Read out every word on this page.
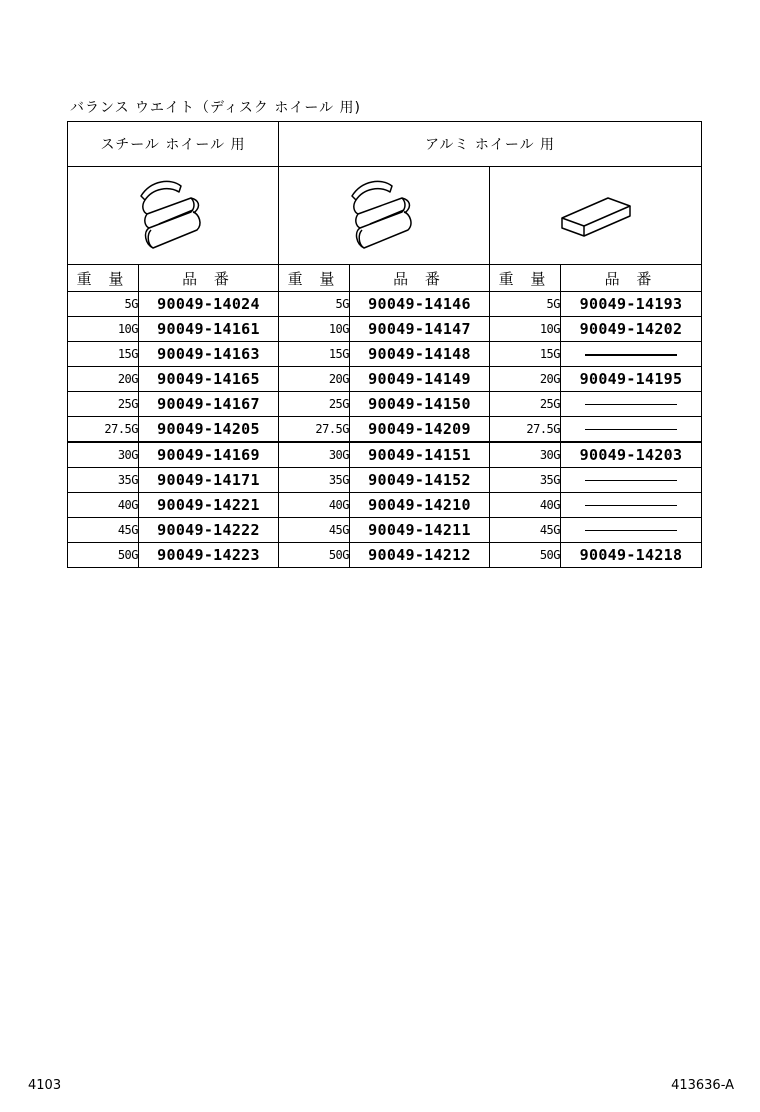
バランス ウエイト（ディスク ホイール 用)
スチール ホイール 用		アルミ ホイール 用			

重 量	品 番	重 量	品 番	重 量	品 番
5G	90049-14024	5G	90049-14146	5G	90049-14193
10G	90049-14161	10G	90049-14147	10G	90049-14202
15G	90049-14163	15G	90049-14148	15G	
20G	90049-14165	20G	90049-14149	20G	90049-14195
25G	90049-14167	25G	90049-14150	25G	
27.5G	90049-14205	27.5G	90049-14209	27.5G	
30G	90049-14169	30G	90049-14151	30G	90049-14203
35G	90049-14171	35G	90049-14152	35G	
40G	90049-14221	40G	90049-14210	40G	
45G	90049-14222	45G	90049-14211	45G	
50G	90049-14223	50G	90049-14212	50G	90049-14218
4103	413636-A
